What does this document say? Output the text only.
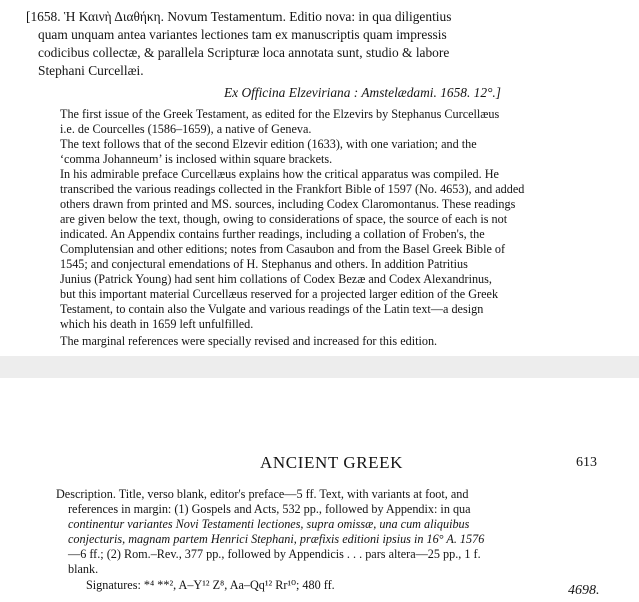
[1658. Ἡ Καινὴ Διαθήκη. Novum Testamentum. Editio nova: in qua diligentius
quam unquam antea variantes lectiones tam ex manuscriptis quam impressis
codicibus collectæ, & parallela Scripturæ loca annotata sunt, studio & labore
Stephani Curcellæi.
Ex Officina Elzeviriana : Amstelædami. 1658. 12°.]
The first issue of the Greek Testament, as edited for the Elzevirs by Stephanus Curcellæus
i.e. de Courcelles (1586–1659), a native of Geneva.
The text follows that of the second Elzevir edition (1633), with one variation; and the
‘comma Johanneum’ is inclosed within square brackets.
In his admirable preface Curcellæus explains how the critical apparatus was compiled. He
transcribed the various readings collected in the Frankfort Bible of 1597 (No. 4653), and added
others drawn from printed and MS. sources, including Codex Claromontanus. These readings
are given below the text, though, owing to considerations of space, the source of each is not
indicated. An Appendix contains further readings, including a collation of Froben's, the
Complutensian and other editions; notes from Casaubon and from the Basel Greek Bible of
1545; and conjectural emendations of H. Stephanus and others. In addition Patritius
Junius (Patrick Young) had sent him collations of Codex Bezæ and Codex Alexandrinus,
but this important material Curcellæus reserved for a projected larger edition of the Greek
Testament, to contain also the Vulgate and various readings of the Latin text—a design
which his death in 1659 left unfulfilled.
The marginal references were specially revised and increased for this edition.
ANCIENT GREEK	613
Description. Title, verso blank, editor's preface—5 ff. Text, with variants at foot, and
references in margin: (1) Gospels and Acts, 532 pp., followed by Appendix: in qua
continentur variantes Novi Testamenti lectiones, supra omissæ, una cum aliquibus
conjecturis, magnam partem Henrici Stephani, præfixis editioni ipsius in 16° A. 1576
—6 ff.; (2) Rom.–Rev., 377 pp., followed by Appendicis . . . pars altera—25 pp., 1 f.
blank.
Signatures: *⁴ **², A–Y¹² Z⁸, Aa–Qq¹² Rr¹⁰; 480 ff.	4698.
